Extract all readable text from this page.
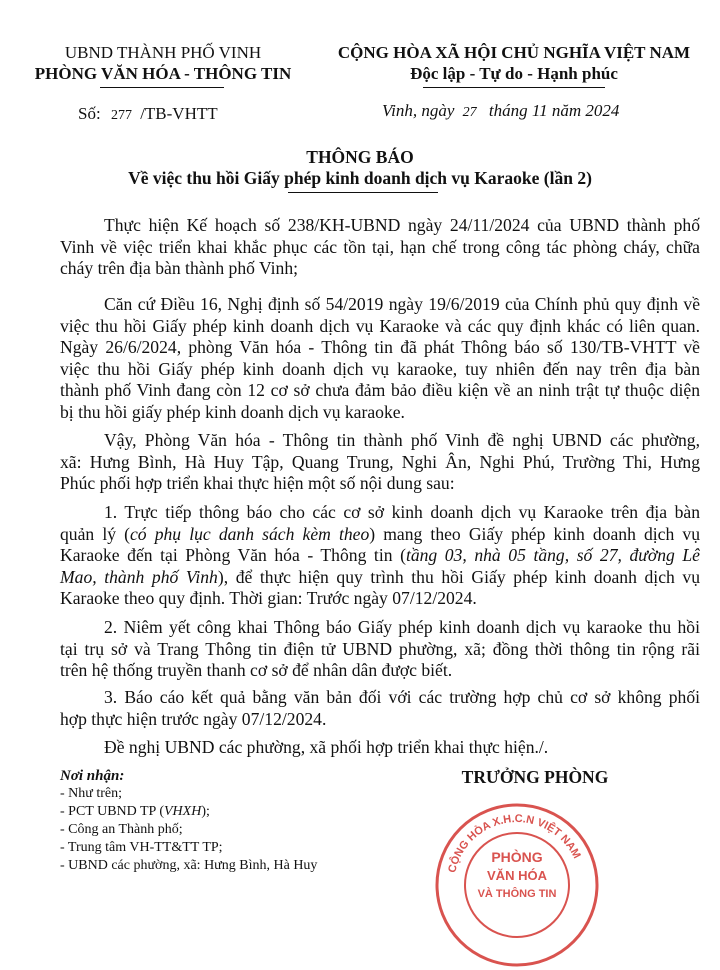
UBND THÀNH PHỐ VINH
PHÒNG VĂN HÓA - THÔNG TIN
CỘNG HÒA XÃ HỘI CHỦ NGHĨA VIỆT NAM
Độc lập - Tự do - Hạnh phúc
Số: 277 /TB-VHTT	Vinh, ngày 27 tháng 11 năm 2024
THÔNG BÁO
Về việc thu hồi Giấy phép kinh doanh dịch vụ Karaoke (lần 2)
Thực hiện Kế hoạch số 238/KH-UBND ngày 24/11/2024 của UBND thành phố
Vinh về việc triển khai khắc phục các tồn tại, hạn chế trong công tác phòng cháy, chữa
cháy trên địa bàn thành phố Vinh;
Căn cứ Điều 16, Nghị định số 54/2019 ngày 19/6/2019 của Chính phủ quy định về
việc thu hồi Giấy phép kinh doanh dịch vụ Karaoke và các quy định khác có liên quan.
Ngày 26/6/2024, phòng Văn hóa - Thông tin đã phát Thông báo số 130/TB-VHTT về
việc thu hồi Giấy phép kinh doanh dịch vụ karaoke, tuy nhiên đến nay trên địa bàn
thành phố Vinh đang còn 12 cơ sở chưa đảm bảo điều kiện về an ninh trật tự thuộc diện
bị thu hồi giấy phép kinh doanh dịch vụ karaoke.
Vậy, Phòng Văn hóa - Thông tin thành phố Vinh đề nghị UBND các phường,
xã: Hưng Bình, Hà Huy Tập, Quang Trung, Nghi Ân, Nghi Phú, Trường Thi, Hưng
Phúc phối hợp triển khai thực hiện một số nội dung sau:
1. Trực tiếp thông báo cho các cơ sở kinh doanh dịch vụ Karaoke trên địa bàn
quản lý (có phụ lục danh sách kèm theo) mang theo Giấy phép kinh doanh dịch vụ
Karaoke đến tại Phòng Văn hóa - Thông tin (tầng 03, nhà 05 tầng, số 27, đường Lê
Mao, thành phố Vinh), để thực hiện quy trình thu hồi Giấy phép kinh doanh dịch vụ
Karaoke theo quy định. Thời gian: Trước ngày 07/12/2024.
2. Niêm yết công khai Thông báo Giấy phép kinh doanh dịch vụ karaoke thu hồi
tại trụ sở và Trang Thông tin điện tử UBND phường, xã; đồng thời thông tin rộng rãi
trên hệ thống truyền thanh cơ sở để nhân dân được biết.
3. Báo cáo kết quả bằng văn bản đối với các trường hợp chủ cơ sở không phối
hợp thực hiện trước ngày 07/12/2024.
Đề nghị UBND các phường, xã phối hợp triển khai thực hiện./.
Nơi nhận:
- Như trên;
- PCT UBND TP (VHXH);
- Công an Thành phố;
- Trung tâm VH-TT&TT TP;
- UBND các phường, xã: Hưng Bình, Hà Huy
TRƯỞNG PHÒNG
CỘNG HÒA X.H.C.N VIỆT NAM
PHÒNG
VĂN HÓA
VÀ THÔNG TIN
